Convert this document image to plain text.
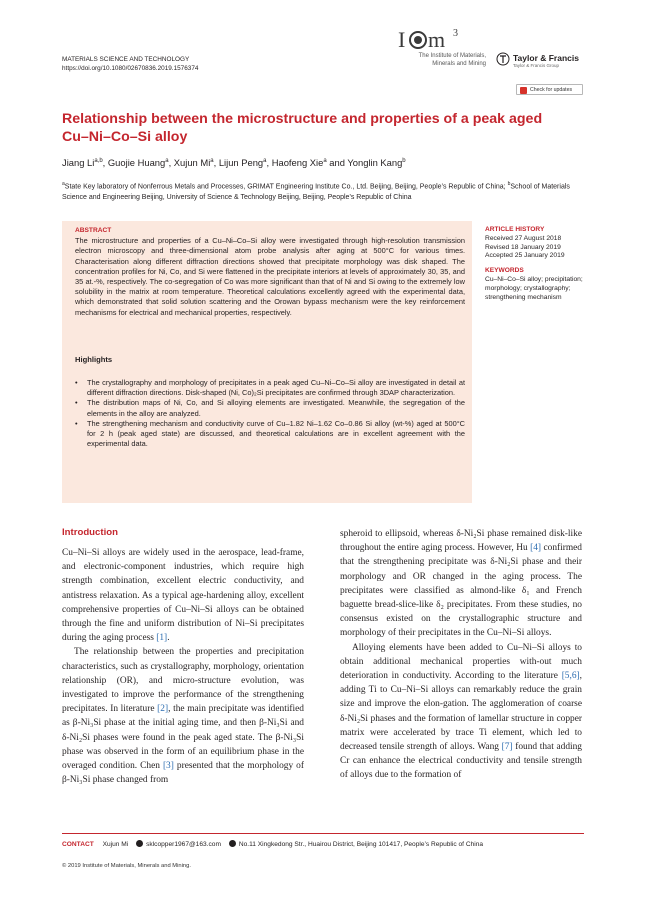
MATERIALS SCIENCE AND TECHNOLOGY
https://doi.org/10.1080/02670836.2019.1576374
I m 3
The Institute of Materials,
Minerals and Mining
Taylor & Francis
Taylor & Francis Group
Check for updates
Relationship between the microstructure and properties of a peak aged
Cu–Ni–Co–Si alloy
Jiang Li$^{a,b}$, Guojie Huang$^a$, Xujun Mi$^a$, Lijun Peng$^a$, Haofeng Xie$^a$ and Yonglin Kang$^b$
$^a$State Key laboratory of Nonferrous Metals and Processes, GRIMAT Engineering Institute Co., Ltd. Beijing, Beijing, People’s Republic of China; $^b$School of Materials Science and Engineering Beijing, University of Science & Technology Beijing, Beijing, People’s Republic of China
ABSTRACT
The microstructure and properties of a Cu–Ni–Co–Si alloy were investigated through high-resolution transmission electron microscopy and three-dimensional atom probe analysis after aging at 500°C for various times. Characterisation along different diffraction directions showed that precipitate morphology was disk shaped. The concentration profiles for Ni, Co, and Si were flattened in the precipitate interiors at levels of approximately 30, 35, and 35 at.-%, respectively. The co-segregation of Co was more significant than that of Ni and Si owing to the extremely low solubility in the matrix at room temperature. Theoretical calculations excellently agreed with the experimental data, which demonstrated that solid solution scattering and the Orowan bypass mechanism were the key reinforcement mechanisms for electrical and mechanical properties, respectively.
Highlights
• The crystallography and morphology of precipitates in a peak aged Cu–Ni–Co–Si alloy are investigated in detail at different diffraction directions. Disk-shaped (Ni, Co)₂Si precipitates are confirmed through 3DAP characterization.
• The distribution maps of Ni, Co, and Si alloying elements are investigated. Meanwhile, the segregation of the elements in the alloy are analyzed.
• The strengthening mechanism and conductivity curve of Cu–1.82 Ni–1.62 Co–0.86 Si alloy (wt-%) aged at 500°C for 2 h (peak aged state) are discussed, and theoretical calculations are in excellent agreement with the experimental data.
ARTICLE HISTORY
Received 27 August 2018
Revised 18 January 2019
Accepted 25 January 2019
KEYWORDS
Cu–Ni–Co–Si alloy; precipitation; morphology; crystallography; strengthening mechanism
Introduction

Cu–Ni–Si alloys are widely used in the aerospace, lead-frame, and electronic-component industries, which require high strength combination, excellent electric conductivity, and antistress relaxation. As a typical age-hardening alloy, excellent comprehensive properties of Cu–Ni–Si alloys can be obtained through the fine and uniform distribution of Ni–Si precipitates during the aging process [1].

The relationship between the properties and precipitation characteristics, such as crystallography, morphology, orientation relationship (OR), and micro-structure evolution, was investigated to improve the performance of the strengthening precipitates. In literature [2], the main precipitate was identified as β-Ni₃Si phase at the initial aging time, and then β-Ni₃Si and δ-Ni₂Si phases were found in the peak aged state. The β-Ni₃Si phase was observed in the form of an equilibrium phase in the overaged condition. Chen [3] presented that the morphology of β-Ni₃Si phase changed from

spheroid to ellipsoid, whereas δ-Ni₂Si phase remained disk-like throughout the entire aging process. However, Hu [4] confirmed that the strengthening precipitate was δ-Ni₂Si phase and their morphology and OR changed in the aging process. The precipitates were classified as almond-like δ₁ and French baguette bread-slice-like δ₂ precipitates. From these studies, no consensus existed on the crystallographic structure and morphology of their precipitates in the Cu–Ni–Si alloys.

Alloying elements have been added to Cu–Ni–Si alloys to obtain additional mechanical properties with-out much deterioration in conductivity. According to the literature [5,6], adding Ti to Cu–Ni–Si alloys can remarkably reduce the grain size and improve the elon-gation. The agglomeration of coarse δ-Ni₂Si phases and the formation of lamellar structure in copper matrix were accelerated by trace Ti element, which led to decreased tensile strength of alloys. Wang [7] found that adding Cr can enhance the electrical conductivity and tensile strength of alloys due to the formation of

CONTACT Xujun Mi	sklcopper1967@163.com	No.11 Xingkedong Str., Huairou District, Beijing 101417, People’s Republic of China
© 2019 Institute of Materials, Minerals and Mining.
